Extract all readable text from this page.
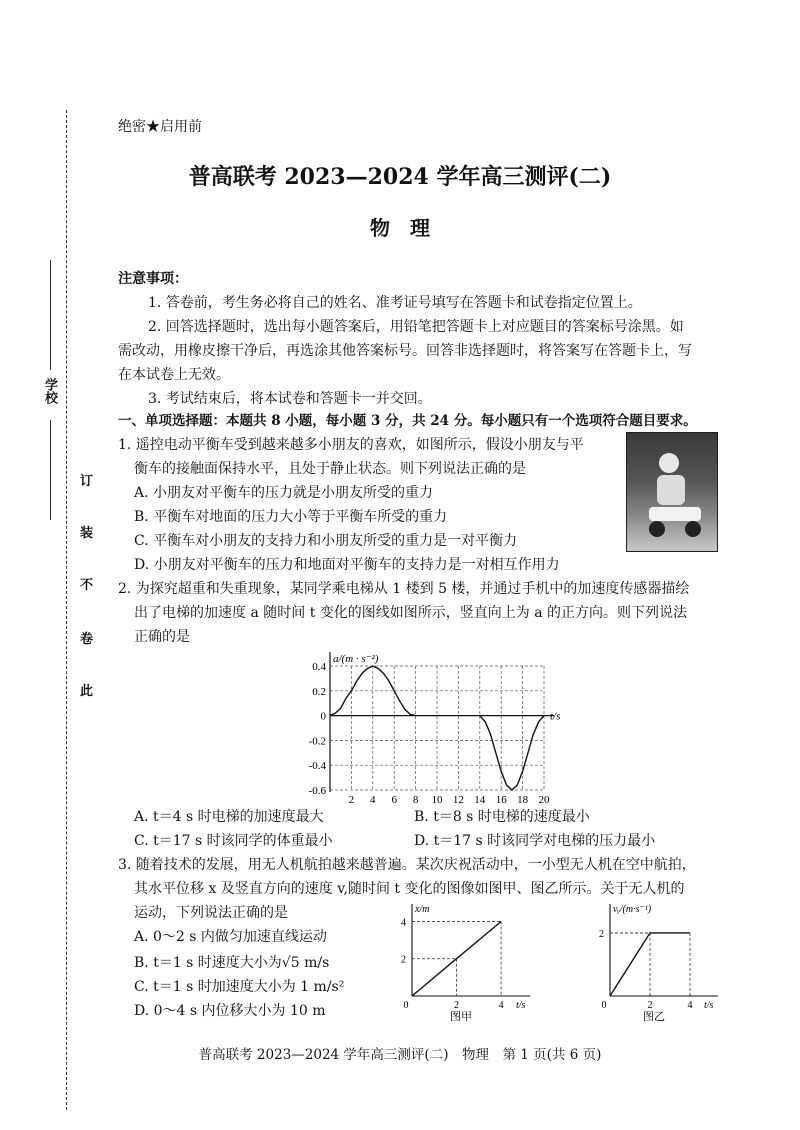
学校
此
卷
不
装
订
绝密★启用前
普高联考 2023—2024 学年高三测评(二)
物　理
注意事项：
1. 答卷前，考生务必将自己的姓名、准考证号填写在答题卡和试卷指定位置上。
2. 回答选择题时，选出每小题答案后，用铅笔把答题卡上对应题目的答案标号涂黑。如
需改动，用橡皮擦干净后，再选涂其他答案标号。回答非选择题时，将答案写在答题卡上，写
在本试卷上无效。
3. 考试结束后，将本试卷和答题卡一并交回。
一、单项选择题：本题共 8 小题，每小题 3 分，共 24 分。每小题只有一个选项符合题目要求。
1. 遥控电动平衡车受到越来越多小朋友的喜欢，如图所示，假设小朋友与平
衡车的接触面保持水平，且处于静止状态。则下列说法正确的是
A. 小朋友对平衡车的压力就是小朋友所受的重力
B. 平衡车对地面的压力大小等于平衡车所受的重力
C. 平衡车对小朋友的支持力和小朋友所受的重力是一对平衡力
D. 小朋友对平衡车的压力和地面对平衡车的支持力是一对相互作用力
2. 为探究超重和失重现象，某同学乘电梯从 1 楼到 5 楼，并通过手机中的加速度传感器描绘
出了电梯的加速度 a 随时间 t 变化的图线如图所示，竖直向上为 a 的正方向。则下列说法
正确的是
2 4 6 8 10 12 14 16 18 20
0.4
0.2
0
-0.2
-0.4
-0.6
a/(m · s⁻²)
t/s
A. t＝4 s 时电梯的加速度最大	B. t＝8 s 时电梯的速度最小
C. t＝17 s 时该同学的体重最小	D. t＝17 s 时该同学对电梯的压力最小
3. 随着技术的发展，用无人机航拍越来越普遍。某次庆祝活动中，一小型无人机在空中航拍，
其水平位移 x 及竖直方向的速度 v,随时间 t 变化的图像如图甲、图乙所示。关于无人机的
运动，下列说法正确的是
A. 0～2 s 内做匀加速直线运动
B. t＝1 s 时速度大小为√5 m/s
C. t＝1 s 时加速度大小为 1 m/s²
D. 0～4 s 内位移大小为 10 m
x/m
t/s
0	2	4
2
4
图甲
vᵧ/(m·s⁻¹)
t/s
0	2	4
2
图乙
普高联考 2023—2024 学年高三测评(二)　物理　第 1 页(共 6 页)
